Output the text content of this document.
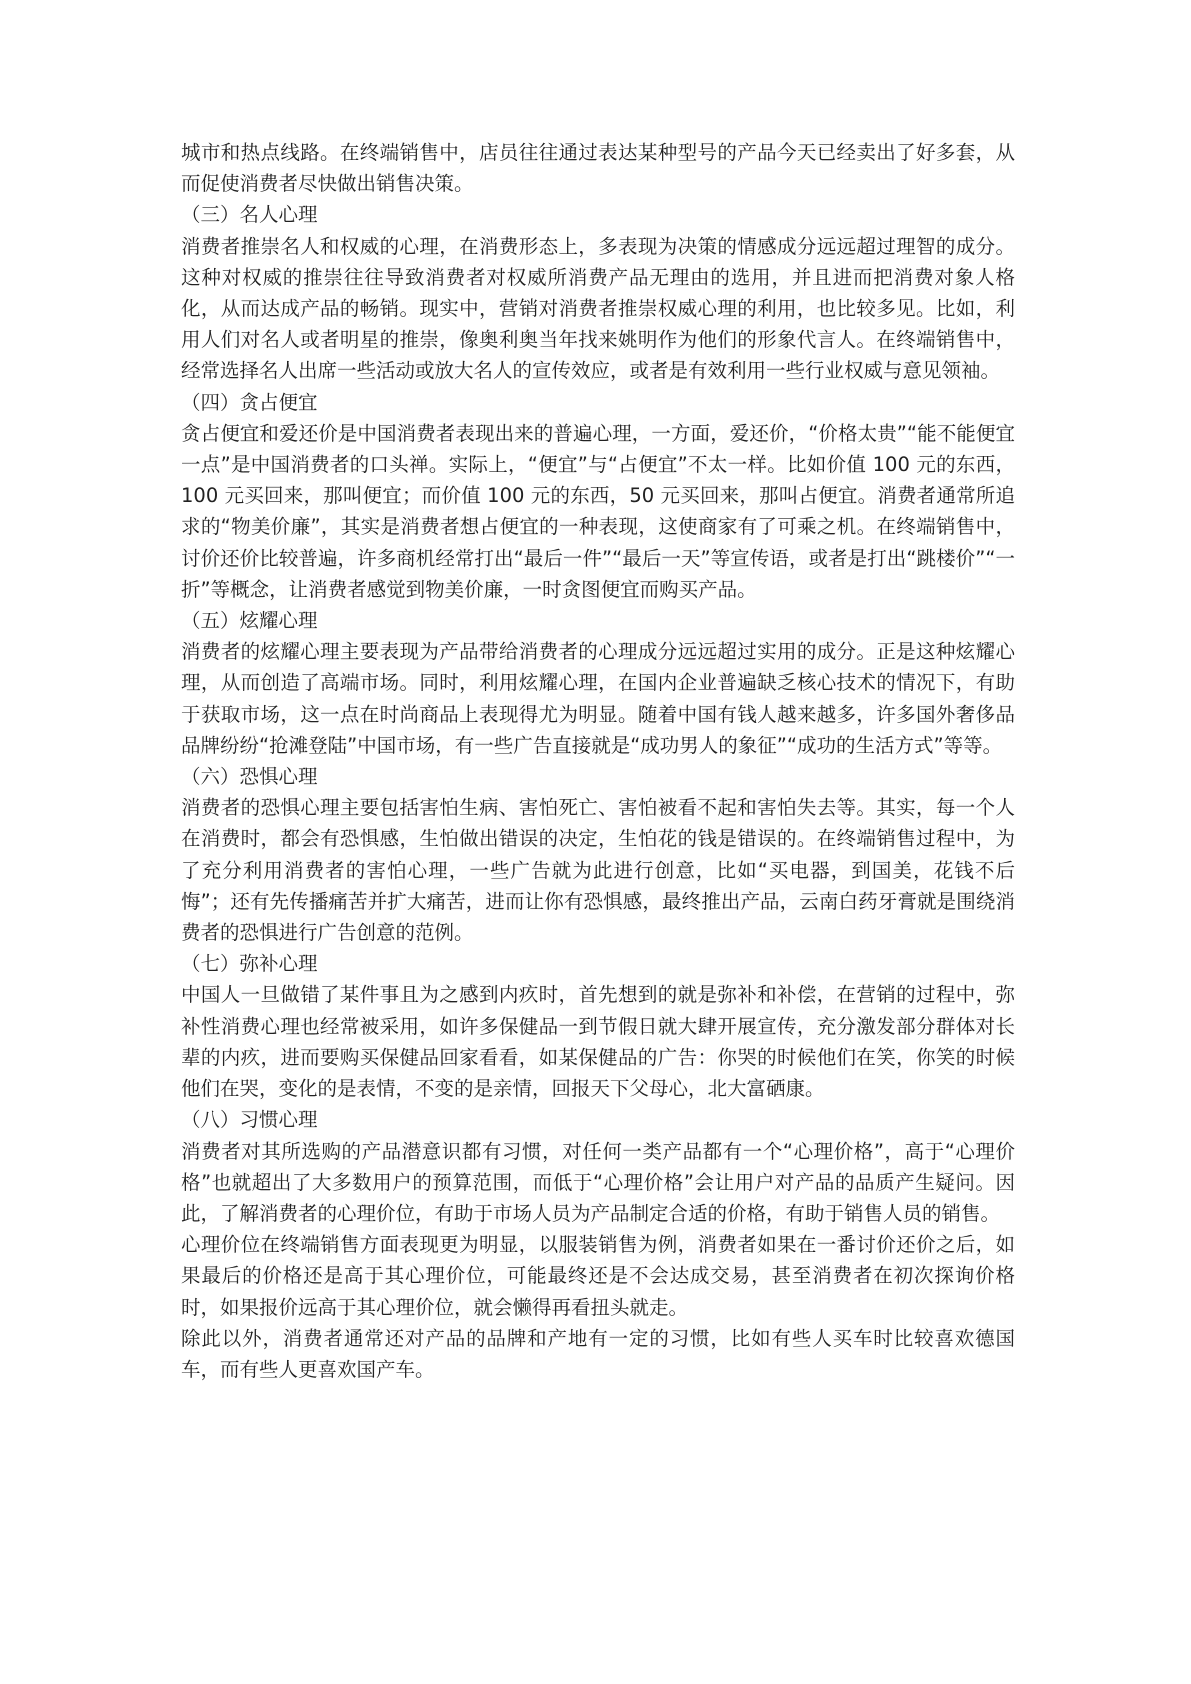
城市和热点线路。在终端销售中，店员往往通过表达某种型号的产品今天已经卖出了好多套，从而促使消费者尽快做出销售决策。

（三）名人心理

消费者推崇名人和权威的心理，在消费形态上，多表现为决策的情感成分远远超过理智的成分。这种对权威的推崇往往导致消费者对权威所消费产品无理由的选用，并且进而把消费对象人格化，从而达成产品的畅销。现实中，营销对消费者推崇权威心理的利用，也比较多见。比如，利用人们对名人或者明星的推崇，像奥利奥当年找来姚明作为他们的形象代言人。在终端销售中，经常选择名人出席一些活动或放大名人的宣传效应，或者是有效利用一些行业权威与意见领袖。

（四）贪占便宜

贪占便宜和爱还价是中国消费者表现出来的普遍心理，一方面，爱还价，“价格太贵”“能不能便宜一点”是中国消费者的口头禅。实际上，“便宜”与“占便宜”不太一样。比如价值 100 元的东西，100 元买回来，那叫便宜；而价值 100 元的东西，50 元买回来，那叫占便宜。消费者通常所追求的“物美价廉”，其实是消费者想占便宜的一种表现，这使商家有了可乘之机。在终端销售中，讨价还价比较普遍，许多商机经常打出“最后一件”“最后一天”等宣传语，或者是打出“跳楼价”“一折”等概念，让消费者感觉到物美价廉，一时贪图便宜而购买产品。

（五）炫耀心理

消费者的炫耀心理主要表现为产品带给消费者的心理成分远远超过实用的成分。正是这种炫耀心理，从而创造了高端市场。同时，利用炫耀心理，在国内企业普遍缺乏核心技术的情况下，有助于获取市场，这一点在时尚商品上表现得尤为明显。随着中国有钱人越来越多，许多国外奢侈品品牌纷纷“抢滩登陆”中国市场，有一些广告直接就是“成功男人的象征”“成功的生活方式”等等。

（六）恐惧心理

消费者的恐惧心理主要包括害怕生病、害怕死亡、害怕被看不起和害怕失去等。其实，每一个人在消费时，都会有恐惧感，生怕做出错误的决定，生怕花的钱是错误的。在终端销售过程中，为了充分利用消费者的害怕心理，一些广告就为此进行创意，比如“买电器，到国美，花钱不后悔”；还有先传播痛苦并扩大痛苦，进而让你有恐惧感，最终推出产品，云南白药牙膏就是围绕消费者的恐惧进行广告创意的范例。

（七）弥补心理

中国人一旦做错了某件事且为之感到内疚时，首先想到的就是弥补和补偿，在营销的过程中，弥补性消费心理也经常被采用，如许多保健品一到节假日就大肆开展宣传，充分激发部分群体对长辈的内疚，进而要购买保健品回家看看，如某保健品的广告：你哭的时候他们在笑，你笑的时候他们在哭，变化的是表情，不变的是亲情，回报天下父母心，北大富硒康。

（八）习惯心理

消费者对其所选购的产品潜意识都有习惯，对任何一类产品都有一个“心理价格”，高于“心理价格”也就超出了大多数用户的预算范围，而低于“心理价格”会让用户对产品的品质产生疑问。因此，了解消费者的心理价位，有助于市场人员为产品制定合适的价格，有助于销售人员的销售。

心理价位在终端销售方面表现更为明显，以服装销售为例，消费者如果在一番讨价还价之后，如果最后的价格还是高于其心理价位，可能最终还是不会达成交易，甚至消费者在初次探询价格时，如果报价远高于其心理价位，就会懒得再看扭头就走。

除此以外，消费者通常还对产品的品牌和产地有一定的习惯，比如有些人买车时比较喜欢德国车，而有些人更喜欢国产车。
